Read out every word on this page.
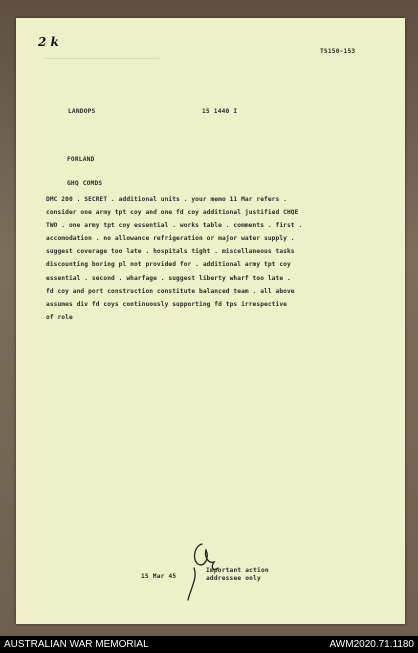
2 k
TS150-153
LANDOPS	15 1440 I
FORLAND
GHQ COMDS
DMC 200 . SECRET . additional units . your memo 11 Mar refers .
consider one army tpt coy and one fd coy additional justified CHQE
TWO . one army tpt coy essential . works table . comments . first .
accomodation . no allowance refrigeration or major water supply .
suggest coverage too late . hospitals tight . miscellaneous tasks
discounting boring pl not provided for . additional army tpt coy
essential . second . wharfage . suggest liberty wharf too late .
fd coy and port construction constitute balanced team . all above
assumes div fd coys continuously supporting fd tps irrespective
of role
15 Mar 45
Important action
addressee only
AUSTRALIAN WAR MEMORIAL	AWM2020.71.1180
